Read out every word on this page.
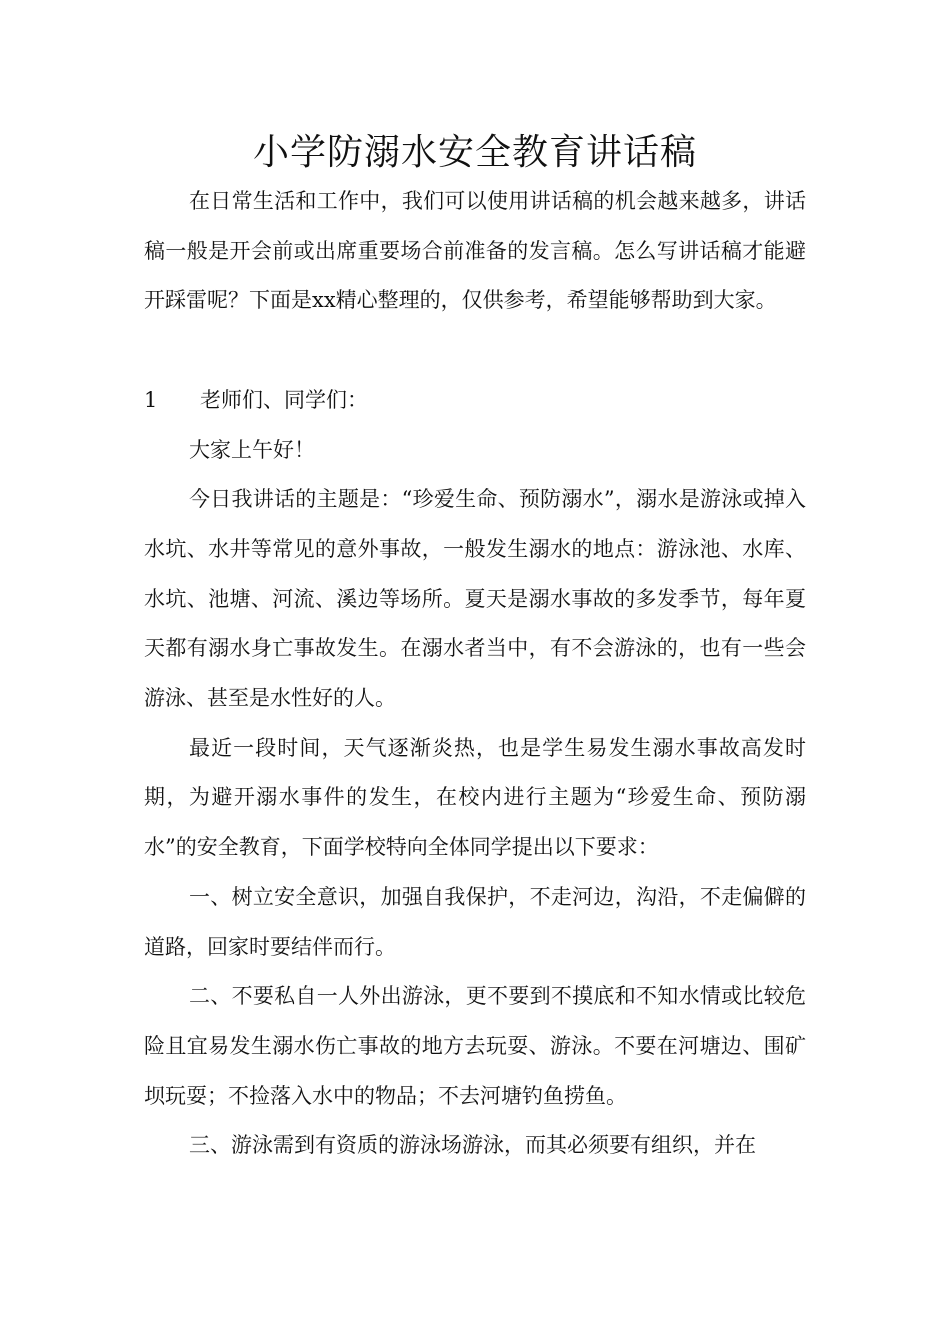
小学防溺水安全教育讲话稿

在日常生活和工作中，我们可以使用讲话稿的机会越来越多，讲话稿一般是开会前或出席重要场合前准备的发言稿。怎么写讲话稿才能避开踩雷呢？下面是xx精心整理的，仅供参考，希望能够帮助到大家。

1 老师们、同学们：

大家上午好！

今日我讲话的主题是：“珍爱生命、预防溺水”，溺水是游泳或掉入水坑、水井等常见的意外事故，一般发生溺水的地点：游泳池、水库、水坑、池塘、河流、溪边等场所。夏天是溺水事故的多发季节，每年夏天都有溺水身亡事故发生。在溺水者当中，有不会游泳的，也有一些会游泳、甚至是水性好的人。

最近一段时间，天气逐渐炎热，也是学生易发生溺水事故高发时期，为避开溺水事件的发生，在校内进行主题为“珍爱生命、预防溺水”的安全教育，下面学校特向全体同学提出以下要求：

一、树立安全意识，加强自我保护，不走河边，沟沿，不走偏僻的道路，回家时要结伴而行。

二、不要私自一人外出游泳，更不要到不摸底和不知水情或比较危险且宜易发生溺水伤亡事故的地方去玩耍、游泳。不要在河塘边、围矿坝玩耍；不捡落入水中的物品；不去河塘钓鱼捞鱼。

三、游泳需到有资质的游泳场游泳，而其必须要有组织，并在
